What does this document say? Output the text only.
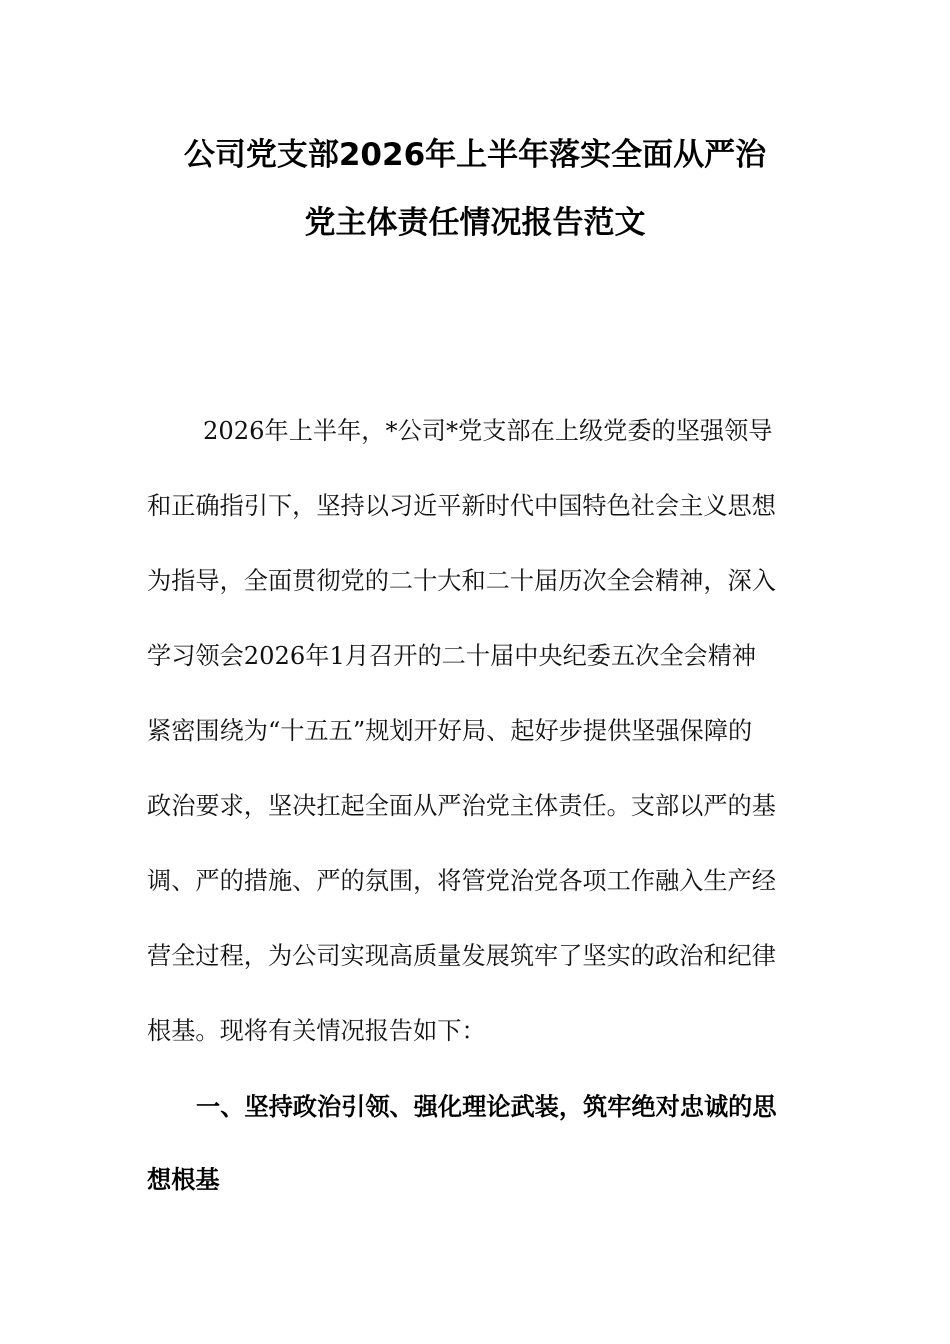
公司党支部2026年上半年落实全面从严治
党主体责任情况报告范文
2026年上半年，*公司*党支部在上级党委的坚强领导
和正确指引下，坚持以习近平新时代中国特色社会主义思想
为指导，全面贯彻党的二十大和二十届历次全会精神，深入
学习领会2026年1月召开的二十届中央纪委五次全会精神
紧密围绕为“十五五”规划开好局、起好步提供坚强保障的
政治要求，坚决扛起全面从严治党主体责任。支部以严的基
调、严的措施、严的氛围，将管党治党各项工作融入生产经
营全过程，为公司实现高质量发展筑牢了坚实的政治和纪律
根基。现将有关情况报告如下：
一、坚持政治引领、强化理论武装，筑牢绝对忠诚的思
想根基
